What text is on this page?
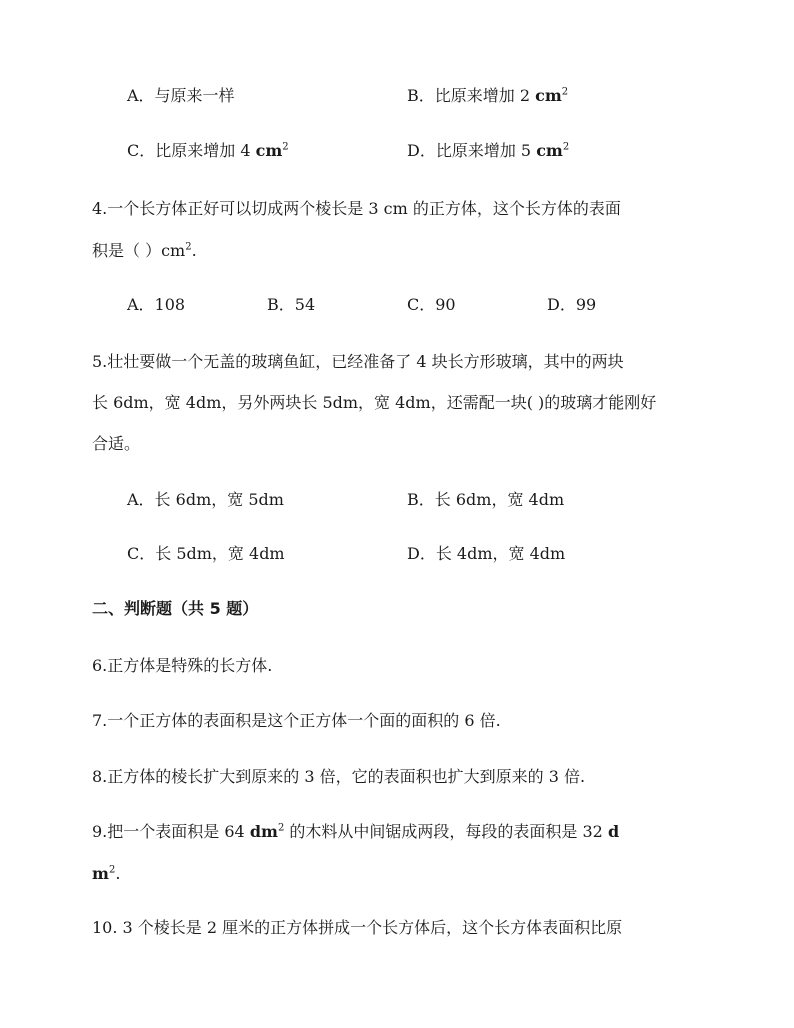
A．与原来一样	B．比原来增加 2 $cm^2$
C．比原来增加 4 $cm^2$	D．比原来增加 5 $cm^2$
4.一个长方体正好可以切成两个棱长是 3 cm 的正方体，这个长方体的表面
积是（ ）$cm^2$.
A．108	B．54	C．90	D．99
5.壮壮要做一个无盖的玻璃鱼缸，已经准备了 4 块长方形玻璃，其中的两块
长 6dm，宽 4dm，另外两块长 5dm，宽 4dm，还需配一块( )的玻璃才能刚好
合适。
A．长 6dm，宽 5dm	B．长 6dm，宽 4dm
C．长 5dm，宽 4dm	D．长 4dm，宽 4dm
二、判断题（共 5 题）
6.正方体是特殊的长方体.
7.一个正方体的表面积是这个正方体一个面的面积的 6 倍.
8.正方体的棱长扩大到原来的 3 倍，它的表面积也扩大到原来的 3 倍.
9.把一个表面积是 64 $dm^2$ 的木料从中间锯成两段，每段的表面积是 32 d
$m^2$.
10. 3 个棱长是 2 厘米的正方体拼成一个长方体后，这个长方体表面积比原
